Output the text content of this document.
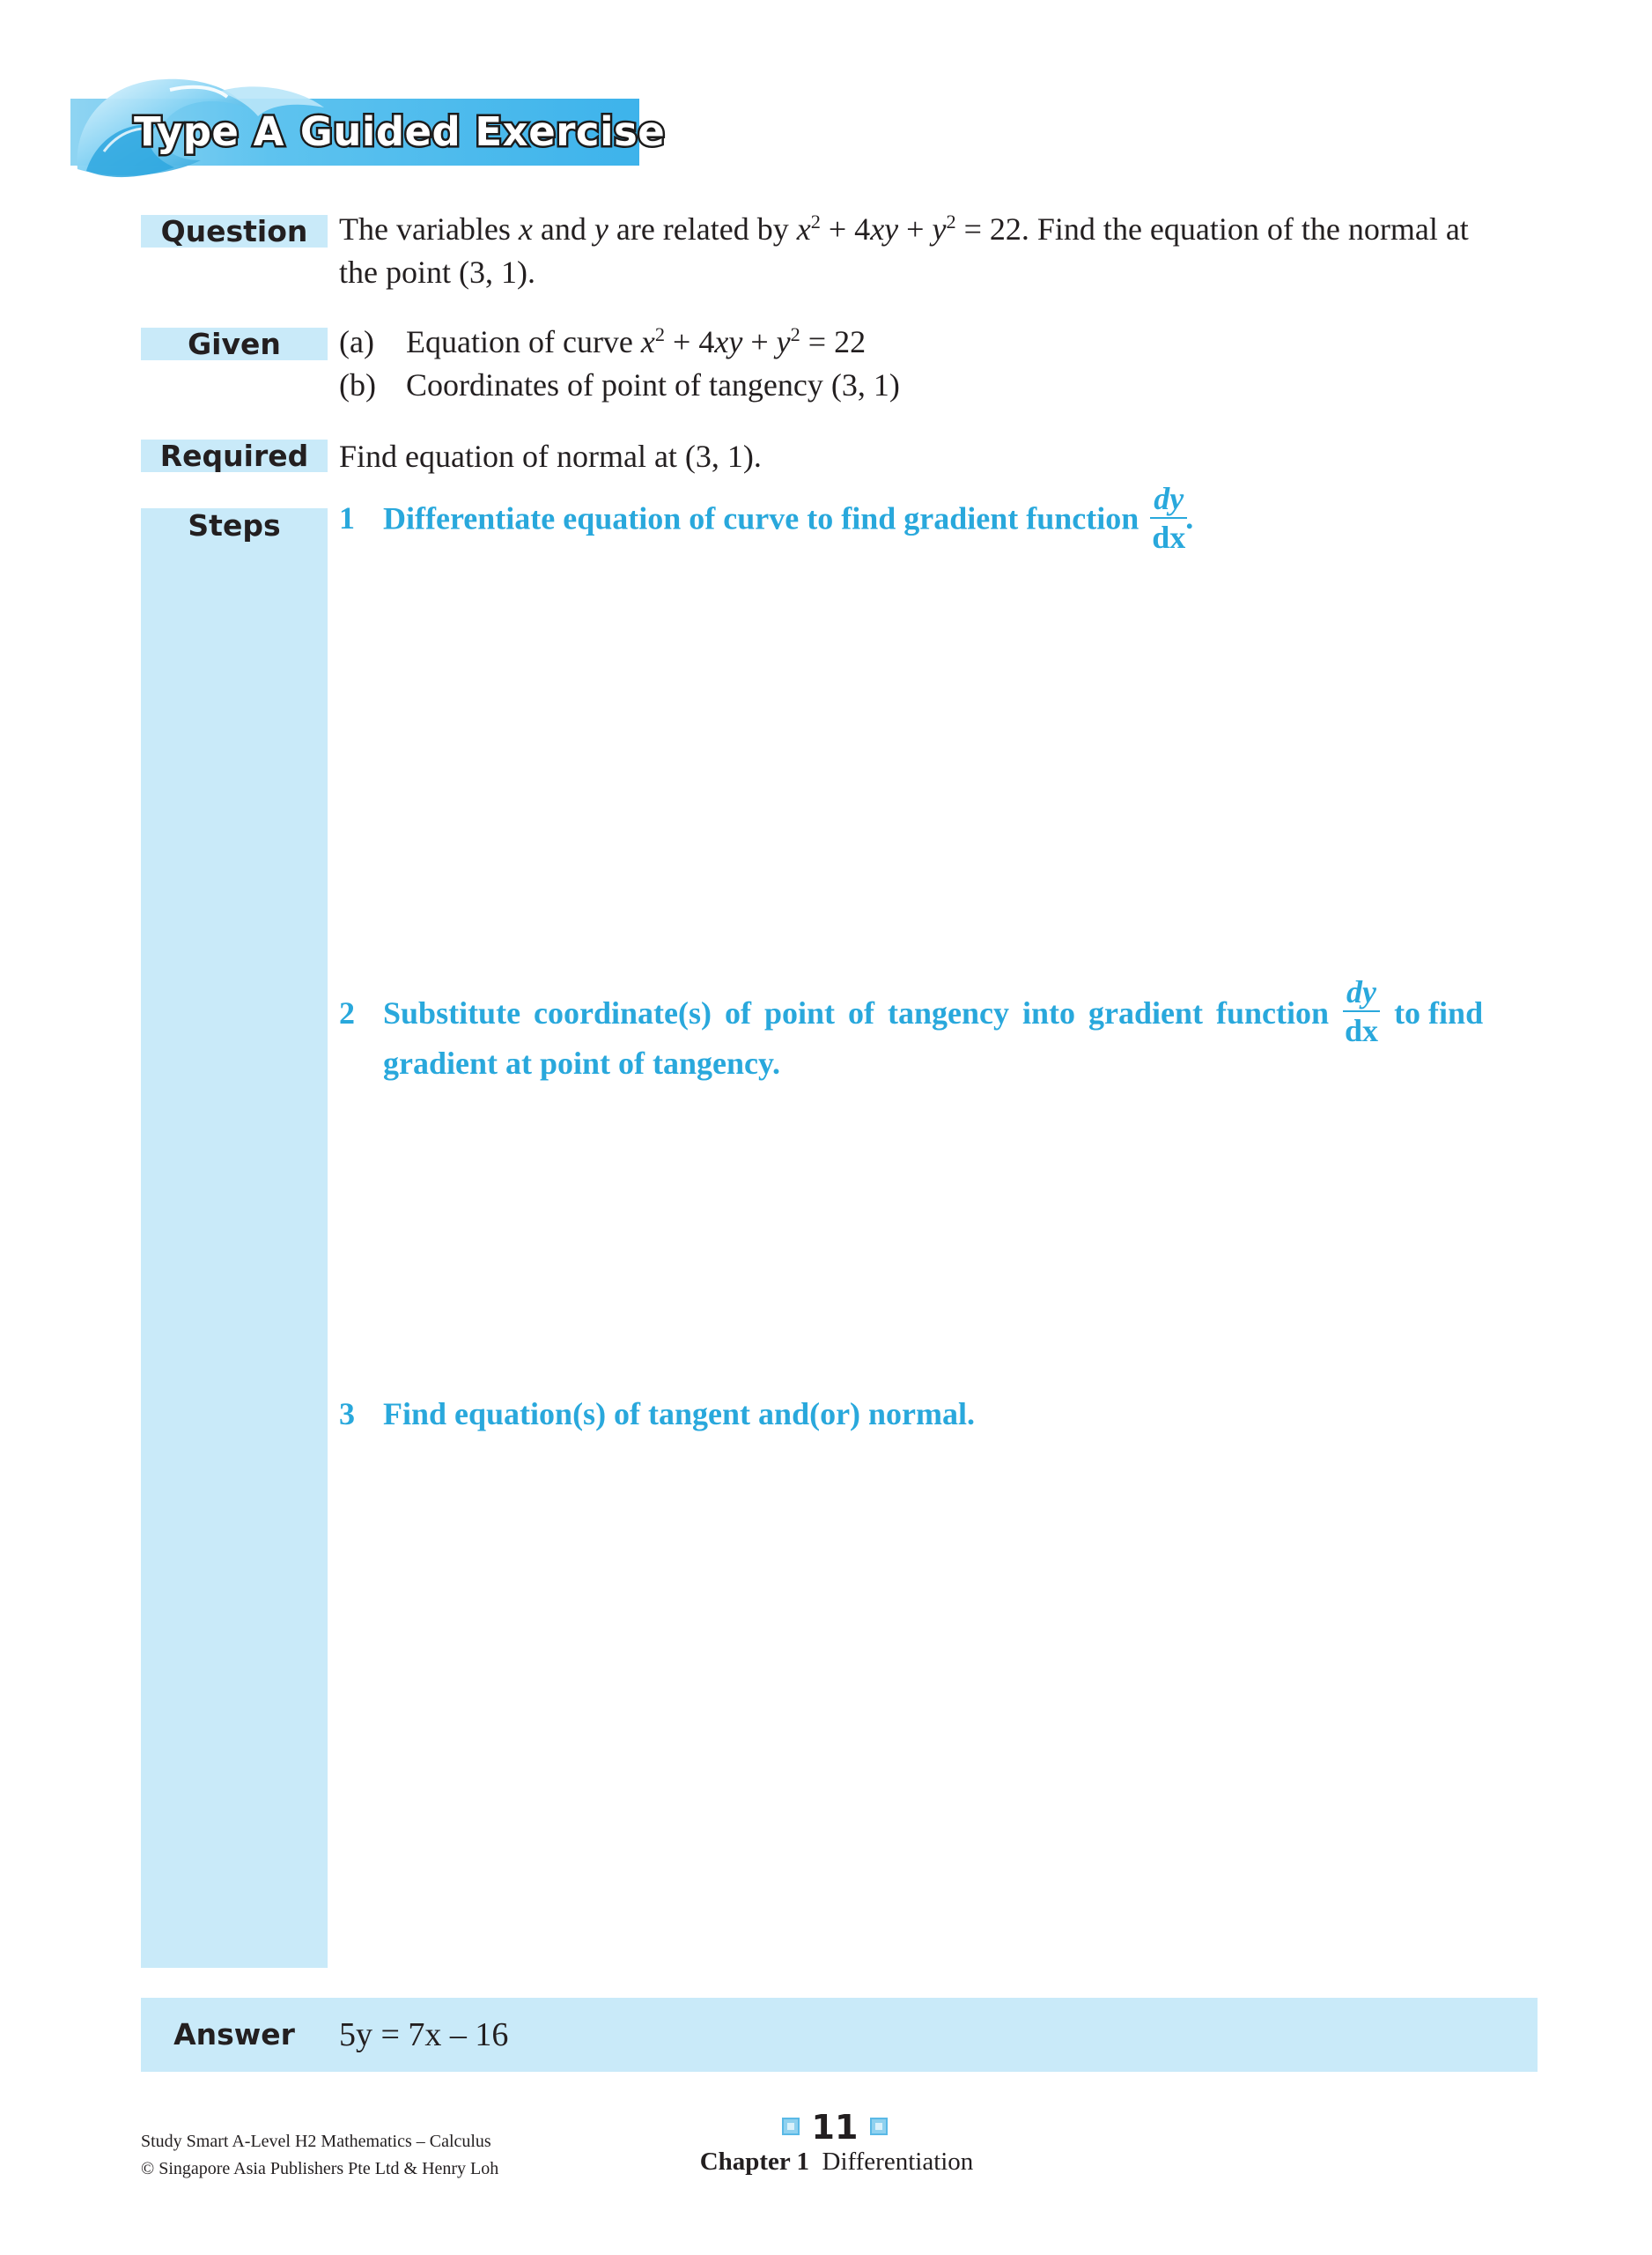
Type A Guided Exercise
Question The variables x and y are related by $x^2 + 4xy + y^2 = 22$. Find the equation of the normal at
the point (3, 1).
Given	(a) Equation of curve $x^2 + 4xy + y^2 = 22$
(b) Coordinates of point of tangency (3, 1)
Required Find equation of normal at (3, 1).
Steps	1 Differentiate equation of curve to find gradient function $\frac{dy}{dx}$
.
2 Substitute coordinate(s) of point of tangency into gradient function $\frac{dy}{dx}$ to find
gradient at point of tangency.
3 Find equation(s) of tangent and(or) normal.
Answer	5y = 7x – 16
Study Smart A-Level H2 Mathematics – Calculus
© Singapore Asia Publishers Pte Ltd & Henry Loh
11
Chapter 1 Differentiation
